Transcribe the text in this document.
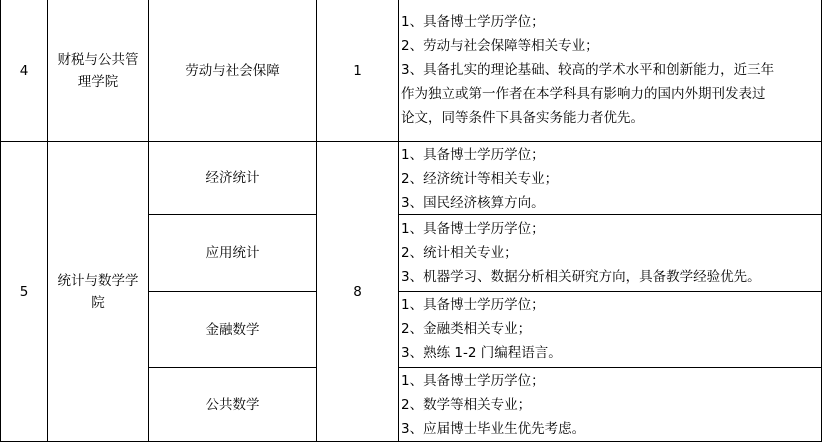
4
财税与公共管理学院
劳动与社会保障	1
1、具备博士学历学位；
2、劳动与社会保障等相关专业；
3、具备扎实的理论基础、较高的学术水平和创新能力，近三年
作为独立或第一作者在本学科具有影响力的国内外期刊发表过
论文，同等条件下具备实务能力者优先。
5
统计与数学学院
8
经济统计
1、具备博士学历学位；
2、经济统计等相关专业；
3、国民经济核算方向。
应用统计
1、具备博士学历学位；
2、统计相关专业；
3、机器学习、数据分析相关研究方向，具备教学经验优先。
金融数学
1、具备博士学历学位；
2、金融类相关专业；
3、熟练 1-2 门编程语言。
公共数学
1、具备博士学历学位；
2、数学等相关专业；
3、应届博士毕业生优先考虑。
